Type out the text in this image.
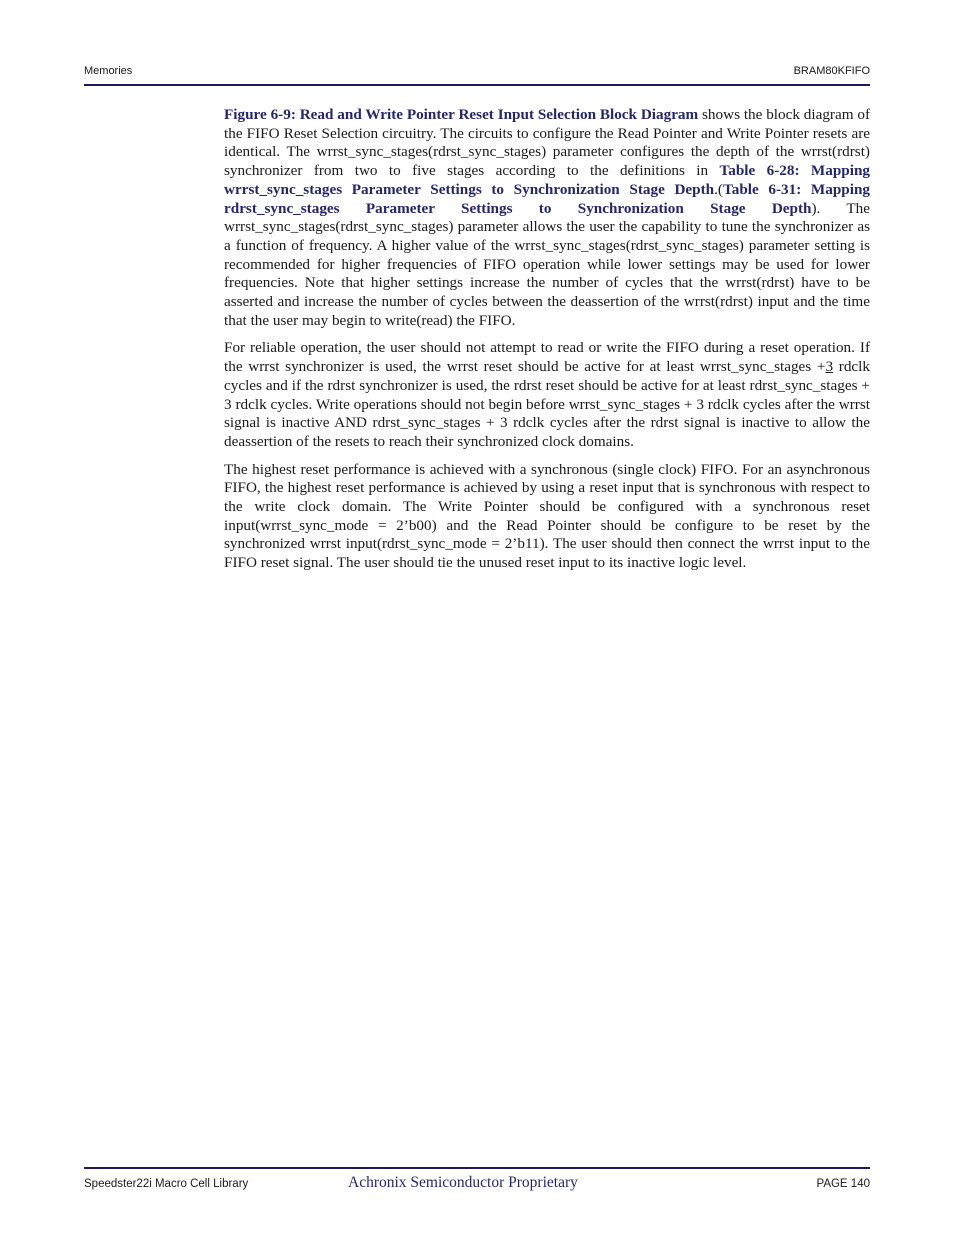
Memories	BRAM80KFIFO

Figure 6-9: Read and Write Pointer Reset Input Selection Block Diagram shows the block diagram of the FIFO Reset Selection circuitry. The circuits to configure the Read Pointer and Write Pointer resets are identical. The wrrst_sync_stages(rdrst_sync_stages) parameter configures the depth of the wrrst(rdrst) synchronizer from two to five stages according to the definitions in Table 6-28: Mapping wrrst_sync_stages Parameter Settings to Synchronization Stage Depth.(Table 6-31: Mapping rdrst_sync_stages Parameter Settings to Synchronization Stage Depth). The wrrst_sync_stages(rdrst_sync_stages) parameter allows the user the capability to tune the synchronizer as a function of frequency. A higher value of the wrrst_sync_stages(rdrst_sync_stages) parameter setting is recommended for higher frequencies of FIFO operation while lower settings may be used for lower frequencies. Note that higher settings increase the number of cycles that the wrrst(rdrst) have to be asserted and increase the number of cycles between the deassertion of the wrrst(rdrst) input and the time that the user may begin to write(read) the FIFO.

For reliable operation, the user should not attempt to read or write the FIFO during a reset operation. If the wrrst synchronizer is used, the wrrst reset should be active for at least wrrst_sync_stages +3 rdclk cycles and if the rdrst synchronizer is used, the rdrst reset should be active for at least rdrst_sync_stages + 3 rdclk cycles. Write operations should not begin before wrrst_sync_stages + 3 rdclk cycles after the wrrst signal is inactive AND rdrst_sync_stages + 3 rdclk cycles after the rdrst signal is inactive to allow the deassertion of the resets to reach their synchronized clock domains.

The highest reset performance is achieved with a synchronous (single clock) FIFO. For an asynchronous FIFO, the highest reset performance is achieved by using a reset input that is synchronous with respect to the write clock domain. The Write Pointer should be configured with a synchronous reset input(wrrst_sync_mode = 2’b00) and the Read Pointer should be configure to be reset by the synchronized wrrst input(rdrst_sync_mode = 2’b11). The user should then connect the wrrst input to the FIFO reset signal. The user should tie the unused reset input to its inactive logic level.

Speedster22i Macro Cell Library	Achronix Semiconductor Proprietary	PAGE 140
